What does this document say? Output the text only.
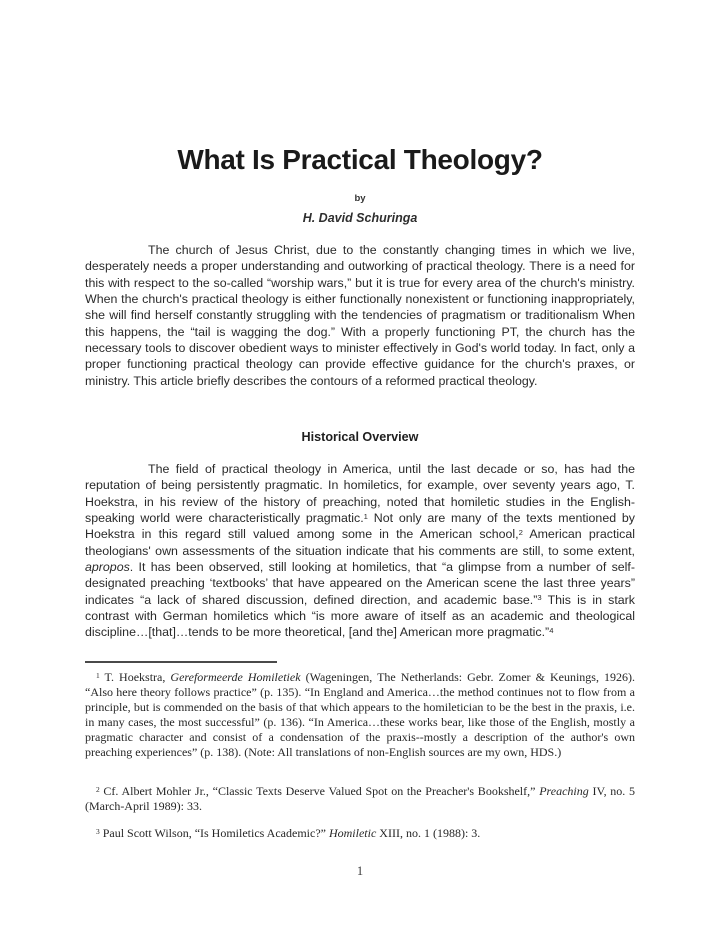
What Is Practical Theology?
by
H. David Schuringa
The church of Jesus Christ, due to the constantly changing times in which we live, desperately needs a proper understanding and outworking of practical theology. There is a need for this with respect to the so-called “worship wars,” but it is true for every area of the church's ministry. When the church's practical theology is either functionally nonexistent or functioning inappropriately, she will find herself constantly struggling with the tendencies of pragmatism or traditionalism When this happens, the “tail is wagging the dog.” With a properly functioning PT, the church has the necessary tools to discover obedient ways to minister effectively in God's world today. In fact, only a proper functioning practical theology can provide effective guidance for the church's praxes, or ministry. This article briefly describes the contours of a reformed practical theology.
Historical Overview
The field of practical theology in America, until the last decade or so, has had the reputation of being persistently pragmatic. In homiletics, for example, over seventy years ago, T. Hoekstra, in his review of the history of preaching, noted that homiletic studies in the English-speaking world were characteristically pragmatic.$^1$ Not only are many of the texts mentioned by Hoekstra in this regard still valued among some in the American school,$^2$ American practical theologians' own assessments of the situation indicate that his comments are still, to some extent, apropos. It has been observed, still looking at homiletics, that “a glimpse from a number of self-designated preaching ‘textbooks’ that have appeared on the American scene the last three years” indicates “a lack of shared discussion, defined direction, and academic base.”$^3$ This is in stark contrast with German homiletics which “is more aware of itself as an academic and theological discipline…[that]…tends to be more theoretical, [and the] American more pragmatic.”$^4$
$^1$ T. Hoekstra, Gereformeerde Homiletiek (Wageningen, The Netherlands: Gebr. Zomer & Keunings, 1926). “Also here theory follows practice” (p. 135). “In England and America…the method continues not to flow from a principle, but is commended on the basis of that which appears to the homiletician to be the best in the praxis, i.e. in many cases, the most successful” (p. 136). “In America…these works bear, like those of the English, mostly a pragmatic character and consist of a condensation of the praxis--mostly a description of the author's own preaching experiences” (p. 138). (Note: All translations of non-English sources are my own, HDS.)
$^2$ Cf. Albert Mohler Jr., “Classic Texts Deserve Valued Spot on the Preacher's Bookshelf,” Preaching IV, no. 5 (March-April 1989): 33.
$^3$ Paul Scott Wilson, “Is Homiletics Academic?” Homiletic XIII, no. 1 (1988): 3.
1
